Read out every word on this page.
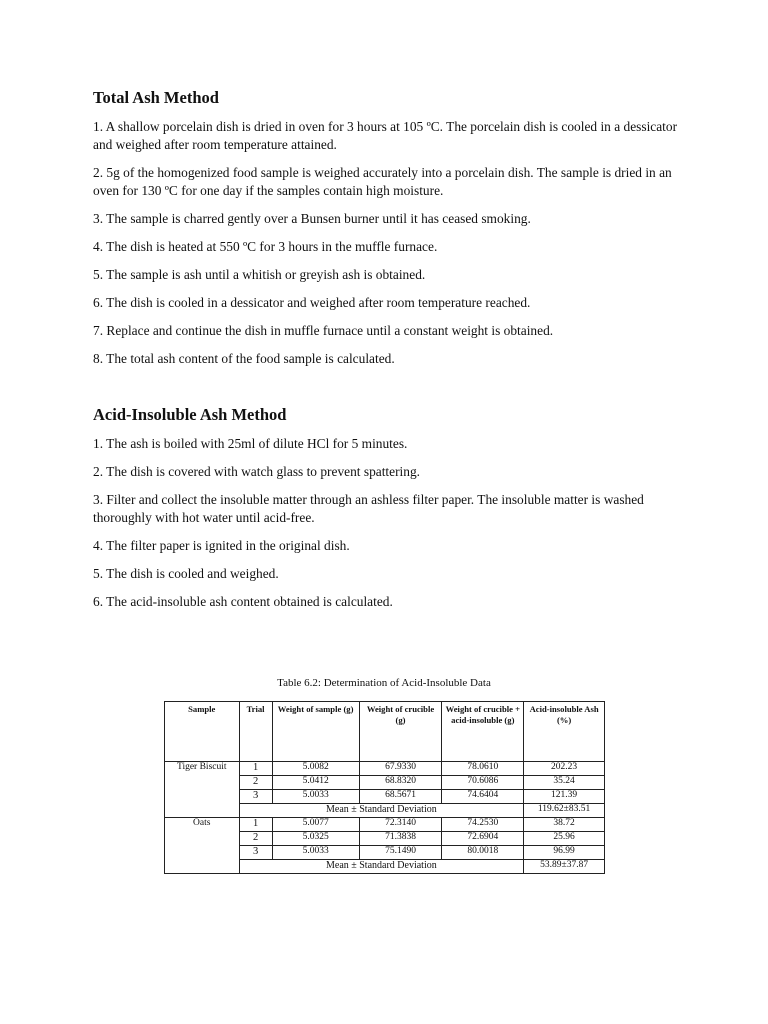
Total Ash Method
1. A shallow porcelain dish is dried in oven for 3 hours at 105 ºC. The porcelain dish is cooled in a dessicator and weighed after room temperature attained.
2. 5g of the homogenized food sample is weighed accurately into a porcelain dish. The sample is dried in an oven for 130 ºC for one day if the samples contain high moisture.
3. The sample is charred gently over a Bunsen burner until it has ceased smoking.
4. The dish is heated at 550 ºC for 3 hours in the muffle furnace.
5. The sample is ash until a whitish or greyish ash is obtained.
6. The dish is cooled in a dessicator and weighed after room temperature reached.
7. Replace and continue the dish in muffle furnace until a constant weight is obtained.
8. The total ash content of the food sample is calculated.
Acid-Insoluble Ash Method
1. The ash is boiled with 25ml of dilute HCl for 5 minutes.
2. The dish is covered with watch glass to prevent spattering.
3. Filter and collect the insoluble matter through an ashless filter paper. The insoluble matter is washed thoroughly with hot water until acid-free.
4. The filter paper is ignited in the original dish.
5. The dish is cooled and weighed.
6. The acid-insoluble ash content obtained is calculated.

Table 6.2: Determination of Acid-Insoluble Data

Sample	Trial	Weight of sample (g)	Weight of crucible (g)	Weight of crucible + acid-insoluble (g)	Acid-insoluble Ash (%)
Tiger Biscuit	1	5.0082	67.9330	78.0610	202.23
	2	5.0412	68.8320	70.6086	35.24
	3	5.0033	68.5671	74.6404	121.39
	Mean ± Standard Deviation				119.62±83.51
Oats	1	5.0077	72.3140	74.2530	38.72
	2	5.0325	71.3838	72.6904	25.96
	3	5.0033	75.1490	80.0018	96.99
	Mean ± Standard Deviation				53.89±37.87
